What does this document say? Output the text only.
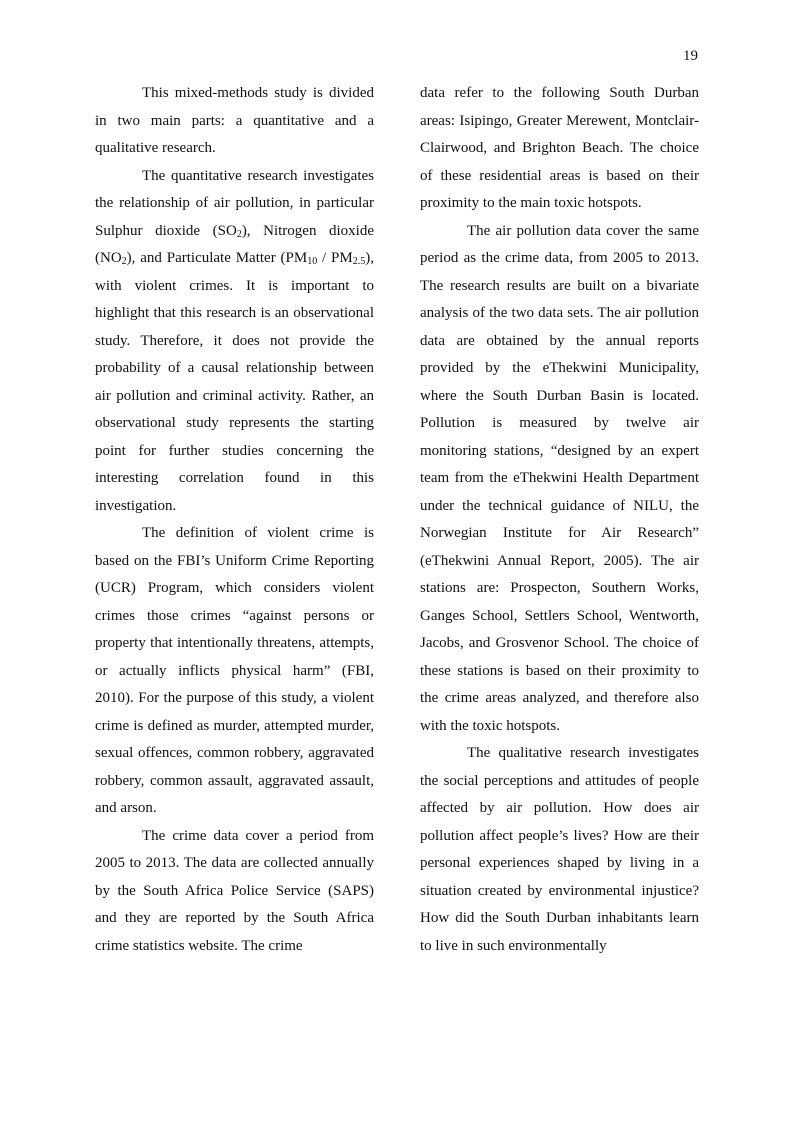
19

This mixed-methods study is divided in two main parts: a quantitative and a qualitative research.

The quantitative research investigates the relationship of air pollution, in particular Sulphur dioxide $(SO_2)$, Nitrogen dioxide $(NO_2)$, and Particulate Matter $(PM_{10} / PM_{2.5})$, with violent crimes. It is important to highlight that this research is an observational study. Therefore, it does not provide the probability of a causal relationship between air pollution and criminal activity. Rather, an observational study represents the starting point for further studies concerning the interesting correlation found in this investigation.

The definition of violent crime is based on the FBI’s Uniform Crime Reporting (UCR) Program, which considers violent crimes those crimes “against persons or property that intentionally threatens, attempts, or actually inflicts physical harm” (FBI, 2010). For the purpose of this study, a violent crime is defined as murder, attempted murder, sexual offences, common robbery, aggravated robbery, common assault, aggravated assault, and arson.

The crime data cover a period from 2005 to 2013. The data are collected annually by the South Africa Police Service (SAPS) and they are reported by the South Africa crime statistics website. The crime

data refer to the following South Durban areas: Isipingo, Greater Merewent, Montclair-Clairwood, and Brighton Beach. The choice of these residential areas is based on their proximity to the main toxic hotspots.

The air pollution data cover the same period as the crime data, from 2005 to 2013. The research results are built on a bivariate analysis of the two data sets. The air pollution data are obtained by the annual reports provided by the eThekwini Municipality, where the South Durban Basin is located. Pollution is measured by twelve air monitoring stations, “designed by an expert team from the eThekwini Health Department under the technical guidance of NILU, the Norwegian Institute for Air Research” (eThekwini Annual Report, 2005). The air stations are: Prospecton, Southern Works, Ganges School, Settlers School, Wentworth, Jacobs, and Grosvenor School. The choice of these stations is based on their proximity to the crime areas analyzed, and therefore also with the toxic hotspots.

The qualitative research investigates the social perceptions and attitudes of people affected by air pollution. How does air pollution affect people’s lives? How are their personal experiences shaped by living in a situation created by environmental injustice? How did the South Durban inhabitants learn to live in such environmentally
